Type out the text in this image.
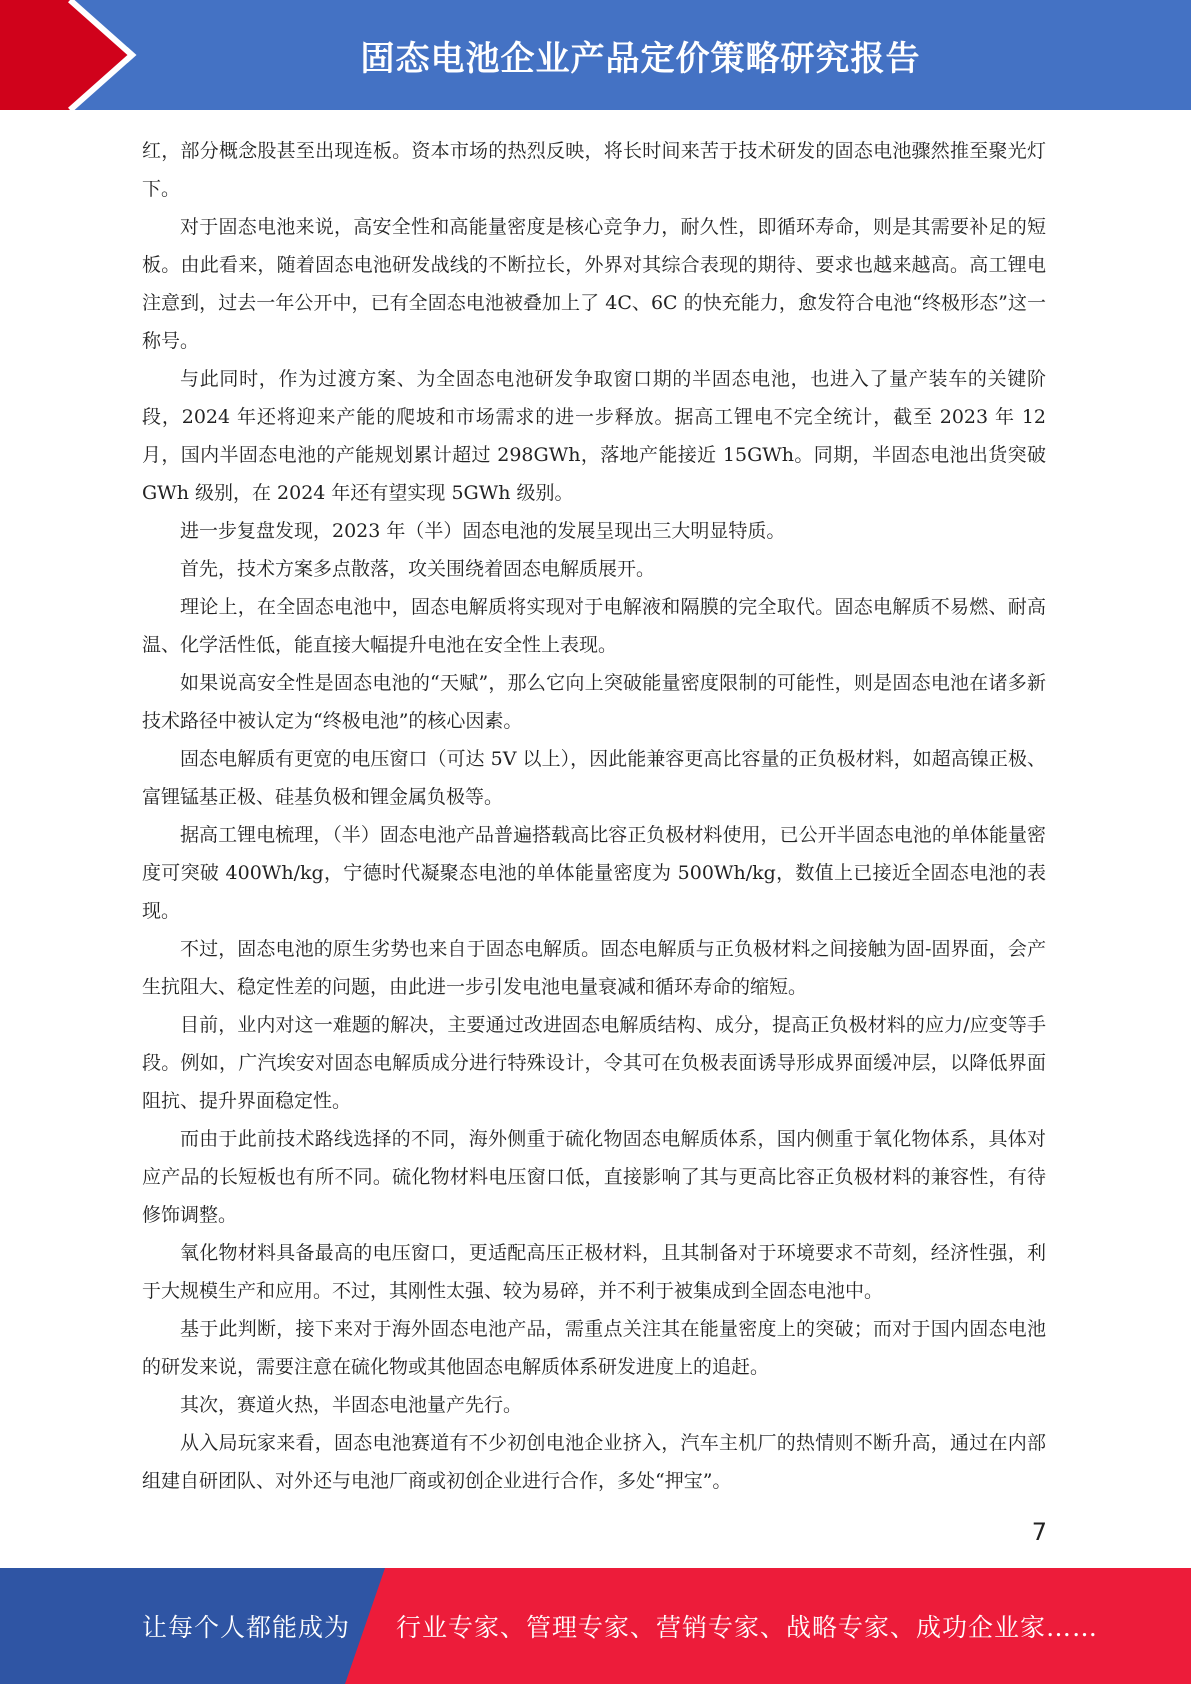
固态电池企业产品定价策略研究报告

红，部分概念股甚至出现连板。资本市场的热烈反映，将长时间来苦于技术研发的固态电池骤然推至聚光灯下。

对于固态电池来说，高安全性和高能量密度是核心竞争力，耐久性，即循环寿命，则是其需要补足的短板。由此看来，随着固态电池研发战线的不断拉长，外界对其综合表现的期待、要求也越来越高。高工锂电注意到，过去一年公开中，已有全固态电池被叠加上了 4C、6C 的快充能力，愈发符合电池“终极形态”这一称号。

与此同时，作为过渡方案、为全固态电池研发争取窗口期的半固态电池，也进入了量产装车的关键阶段，2024 年还将迎来产能的爬坡和市场需求的进一步释放。据高工锂电不完全统计，截至 2023 年 12 月，国内半固态电池的产能规划累计超过 298GWh，落地产能接近 15GWh。同期，半固态电池出货突破 GWh 级别，在 2024 年还有望实现 5GWh 级别。

进一步复盘发现，2023 年（半）固态电池的发展呈现出三大明显特质。

首先，技术方案多点散落，攻关围绕着固态电解质展开。

理论上，在全固态电池中，固态电解质将实现对于电解液和隔膜的完全取代。固态电解质不易燃、耐高温、化学活性低，能直接大幅提升电池在安全性上表现。

如果说高安全性是固态电池的“天赋”，那么它向上突破能量密度限制的可能性，则是固态电池在诸多新技术路径中被认定为“终极电池”的核心因素。

固态电解质有更宽的电压窗口（可达 5V 以上），因此能兼容更高比容量的正负极材料，如超高镍正极、富锂锰基正极、硅基负极和锂金属负极等。

据高工锂电梳理，（半）固态电池产品普遍搭载高比容正负极材料使用，已公开半固态电池的单体能量密度可突破 400Wh/kg，宁德时代凝聚态电池的单体能量密度为 500Wh/kg，数值上已接近全固态电池的表现。

不过，固态电池的原生劣势也来自于固态电解质。固态电解质与正负极材料之间接触为固-固界面，会产生抗阻大、稳定性差的问题，由此进一步引发电池电量衰减和循环寿命的缩短。

目前，业内对这一难题的解决，主要通过改进固态电解质结构、成分，提高正负极材料的应力/应变等手段。例如，广汽埃安对固态电解质成分进行特殊设计，令其可在负极表面诱导形成界面缓冲层，以降低界面阻抗、提升界面稳定性。

而由于此前技术路线选择的不同，海外侧重于硫化物固态电解质体系，国内侧重于氧化物体系，具体对应产品的长短板也有所不同。硫化物材料电压窗口低，直接影响了其与更高比容正负极材料的兼容性，有待修饰调整。

氧化物材料具备最高的电压窗口，更适配高压正极材料，且其制备对于环境要求不苛刻，经济性强，利于大规模生产和应用。不过，其刚性太强、较为易碎，并不利于被集成到全固态电池中。

基于此判断，接下来对于海外固态电池产品，需重点关注其在能量密度上的突破；而对于国内固态电池的研发来说，需要注意在硫化物或其他固态电解质体系研发进度上的追赶。

其次，赛道火热，半固态电池量产先行。

从入局玩家来看，固态电池赛道有不少初创电池企业挤入，汽车主机厂的热情则不断升高，通过在内部组建自研团队、对外还与电池厂商或初创企业进行合作，多处“押宝”。

7
让每个人都能成为 行业专家、管理专家、营销专家、战略专家、成功企业家……
